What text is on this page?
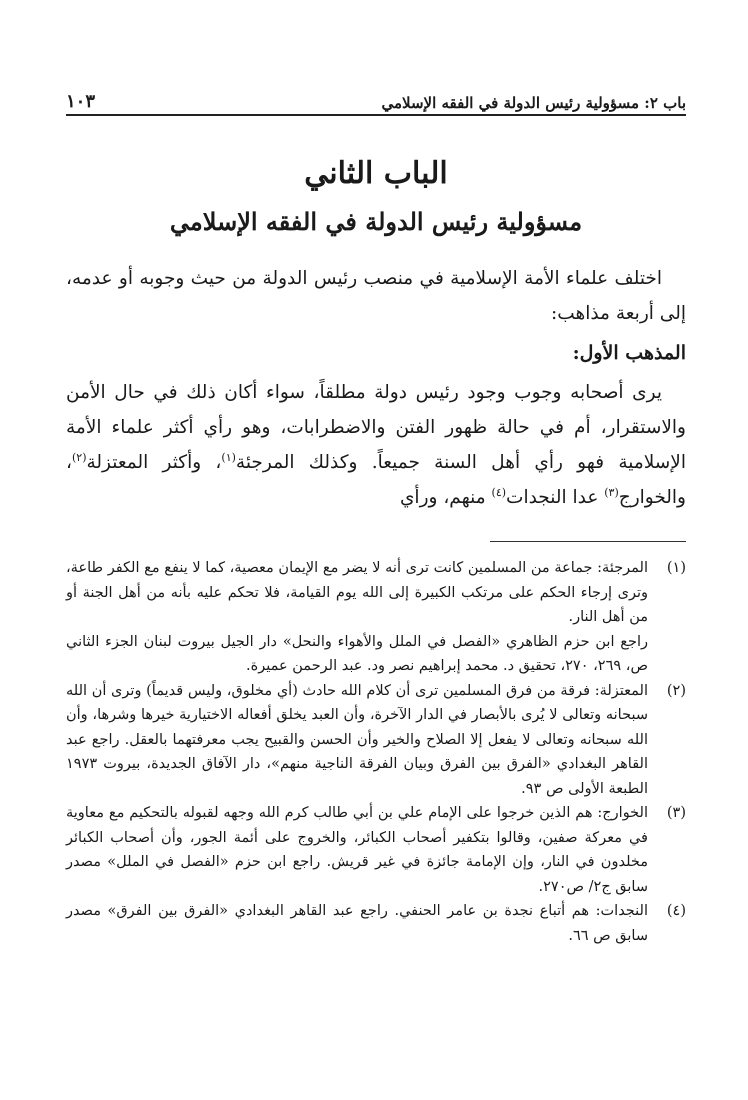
باب ٢: مسؤولية رئيس الدولة في الفقه الإسلامي
١٠٣
الباب الثاني
مسؤولية رئيس الدولة في الفقه الإسلامي

اختلف علماء الأمة الإسلامية في منصب رئيس الدولة من حيث وجوبه أو عدمه، إلى أربعة مذاهب:

المذهب الأول:

يرى أصحابه وجوب وجود رئيس دولة مطلقاً، سواء أكان ذلك في حال الأمن والاستقرار، أم في حالة ظهور الفتن والاضطرابات، وهو رأي أكثر علماء الأمة الإسلامية فهو رأي أهل السنة جميعاً. وكذلك المرجئة$^{(١)}$، وأكثر المعتزلة$^{(٢)}$، والخوارج$^{(٣)}$ عدا النجدات$^{(٤)}$ منهم، ورأي

(١)

المرجئة: جماعة من المسلمين كانت ترى أنه لا يضر مع الإيمان معصية، كما لا ينفع مع الكفر طاعة، وترى إرجاء الحكم على مرتكب الكبيرة إلى الله يوم القيامة، فلا تحكم عليه بأنه من أهل الجنة أو من أهل النار.

راجع ابن حزم الظاهري «الفصل في الملل والأهواء والنحل» دار الجيل بيروت لبنان الجزء الثاني ص، ٢٦٩، ٢٧٠، تحقيق د. محمد إبراهيم نصر ود. عبد الرحمن عميرة.

(٢)

المعتزلة: فرقة من فرق المسلمين ترى أن كلام الله حادث (أي مخلوق، وليس قديماً) وترى أن الله سبحانه وتعالى لا يُرى بالأبصار في الدار الآخرة، وأن العبد يخلق أفعاله الاختيارية خيرها وشرها، وأن الله سبحانه وتعالى لا يفعل إلا الصلاح والخير وأن الحسن والقبيح يجب معرفتهما بالعقل. راجع عبد القاهر البغدادي «الفرق بين الفرق وبيان الفرقة الناجية منهم»، دار الآفاق الجديدة، بيروت ١٩٧٣ الطبعة الأولى ص ٩٣.

(٣)

الخوارج: هم الذين خرجوا على الإمام علي بن أبي طالب كرم الله وجهه لقبوله بالتحكيم مع معاوية في معركة صفين، وقالوا بتكفير أصحاب الكبائر، والخروج على أئمة الجور، وأن أصحاب الكبائر مخلدون في النار، وإن الإمامة جائزة في غير قريش. راجع ابن حزم «الفصل في الملل» مصدر سابق ج٢/ ص٢٧٠.

(٤)

النجدات: هم أتباع نجدة بن عامر الحنفي. راجع عبد القاهر البغدادي «الفرق بين الفرق» مصدر سابق ص ٦٦.
